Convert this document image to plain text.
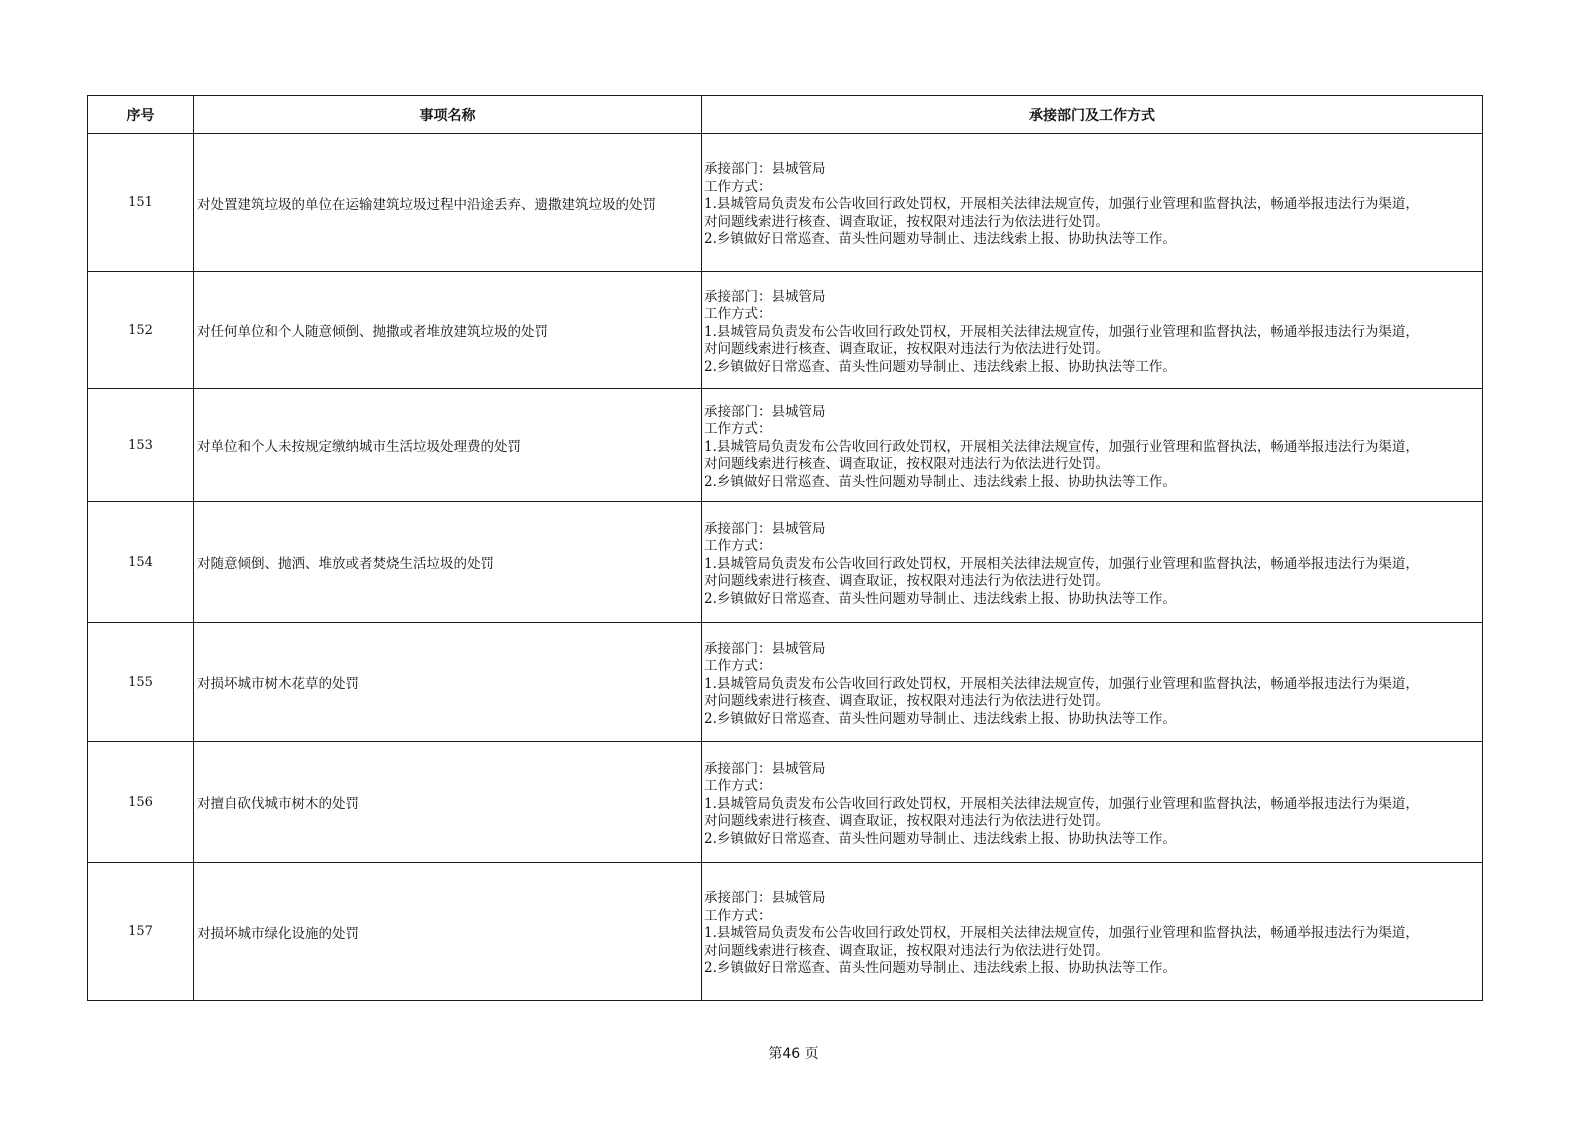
序号	事项名称	承接部门及工作方式
151	对处置建筑垃圾的单位在运输建筑垃圾过程中沿途丢弃、遗撒建筑垃圾的处罚	承接部门：县城管局
工作方式：
1.县城管局负责发布公告收回行政处罚权，开展相关法律法规宣传，加强行业管理和监督执法，畅通举报违法行为渠道，
对问题线索进行核查、调查取证，按权限对违法行为依法进行处罚。
2.乡镇做好日常巡查、苗头性问题劝导制止、违法线索上报、协助执法等工作。

152	对任何单位和个人随意倾倒、抛撒或者堆放建筑垃圾的处罚	承接部门：县城管局
工作方式：
1.县城管局负责发布公告收回行政处罚权，开展相关法律法规宣传，加强行业管理和监督执法，畅通举报违法行为渠道，
对问题线索进行核查、调查取证，按权限对违法行为依法进行处罚。
2.乡镇做好日常巡查、苗头性问题劝导制止、违法线索上报、协助执法等工作。

153	对单位和个人未按规定缴纳城市生活垃圾处理费的处罚	承接部门：县城管局
工作方式：
1.县城管局负责发布公告收回行政处罚权，开展相关法律法规宣传，加强行业管理和监督执法，畅通举报违法行为渠道，
对问题线索进行核查、调查取证，按权限对违法行为依法进行处罚。
2.乡镇做好日常巡查、苗头性问题劝导制止、违法线索上报、协助执法等工作。

154	对随意倾倒、抛洒、堆放或者焚烧生活垃圾的处罚	承接部门：县城管局
工作方式：
1.县城管局负责发布公告收回行政处罚权，开展相关法律法规宣传，加强行业管理和监督执法，畅通举报违法行为渠道，
对问题线索进行核查、调查取证，按权限对违法行为依法进行处罚。
2.乡镇做好日常巡查、苗头性问题劝导制止、违法线索上报、协助执法等工作。

155	对损坏城市树木花草的处罚	承接部门：县城管局
工作方式：
1.县城管局负责发布公告收回行政处罚权，开展相关法律法规宣传，加强行业管理和监督执法，畅通举报违法行为渠道，
对问题线索进行核查、调查取证，按权限对违法行为依法进行处罚。
2.乡镇做好日常巡查、苗头性问题劝导制止、违法线索上报、协助执法等工作。

156	对擅自砍伐城市树木的处罚	承接部门：县城管局
工作方式：
1.县城管局负责发布公告收回行政处罚权，开展相关法律法规宣传，加强行业管理和监督执法，畅通举报违法行为渠道，
对问题线索进行核查、调查取证，按权限对违法行为依法进行处罚。
2.乡镇做好日常巡查、苗头性问题劝导制止、违法线索上报、协助执法等工作。

157	对损坏城市绿化设施的处罚	承接部门：县城管局
工作方式：
1.县城管局负责发布公告收回行政处罚权，开展相关法律法规宣传，加强行业管理和监督执法，畅通举报违法行为渠道，
对问题线索进行核查、调查取证，按权限对违法行为依法进行处罚。
2.乡镇做好日常巡查、苗头性问题劝导制止、违法线索上报、协助执法等工作。
第46 页
